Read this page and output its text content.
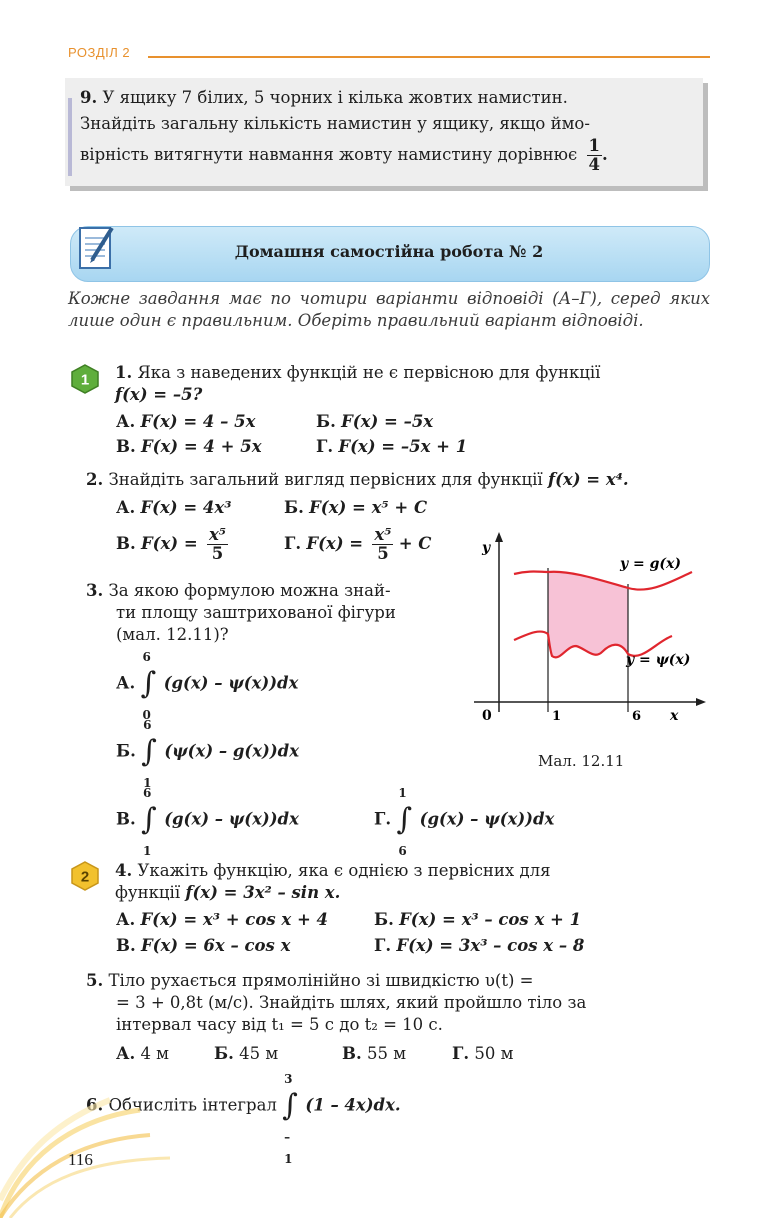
РОЗДІЛ 2
9. У ящику 7 білих, 5 чорних і кілька жовтих намистин.
Знайдіть загальну кількість намистин у ящику, якщо ймо-
вірність витягнути навмання жовту намистину дорівнює $\frac{1}{4}$ .
Домашня самостійна робота № 2
Кожне завдання має по чотири варіанти відповіді (А–Г), серед яких лише один є правильним. Оберіть правильний варіант відповіді.
1 1. Яка з наведених функцій не є первісною для функції
f(x) = –5?
А. F(x) = 4 – 5x	Б. F(x) = –5x
В. F(x) = 4 + 5x	Г. F(x) = –5x + 1
2. Знайдіть загальний вигляд первісних для функції f(x) = x⁴.
А. F(x) = 4x³	Б. F(x) = x⁵ + C
В. $F(x) = \frac{\text{x⁵}}{5}$	Г. $F(x) = \frac{\text{x⁵}}{5} + C$
3. За якою формулою можна знай-
ти площу заштрихованої фігури
(мал. 12.11)?
А.
6
∫
0
(g(x) – ψ(x))dx
Б.
6
∫
1
(ψ(x) – g(x))dx
В.
6
∫
1
(g(x) – ψ(x))dx	Г.
1
∫
6
(g(x) – ψ(x))dx
y
y = g(x)
y = ψ(x)
0	1	6 x
Мал. 12.11
2 4. Укажіть функцію, яка є однією з первісних для
функції f(x) = 3x² – sin x.
А. F(x) = x³ + cos x + 4	Б. F(x) = x³ – cos x + 1
В. F(x) = 6x – cos x	Г. F(x) = 3x³ – cos x – 8
5. Тіло рухається прямолінійно зі швидкістю υ(t) =
= 3 + 0,8t (м/с). Знайдіть шлях, який пройшло тіло за
інтервал часу від t₁ = 5 с до t₂ = 10 с.
А. 4 м	Б. 45 м	В. 55 м	Г. 50 м
6. Обчисліть інтеграл
3
∫
–1
(1 – 4x)dx.
116
